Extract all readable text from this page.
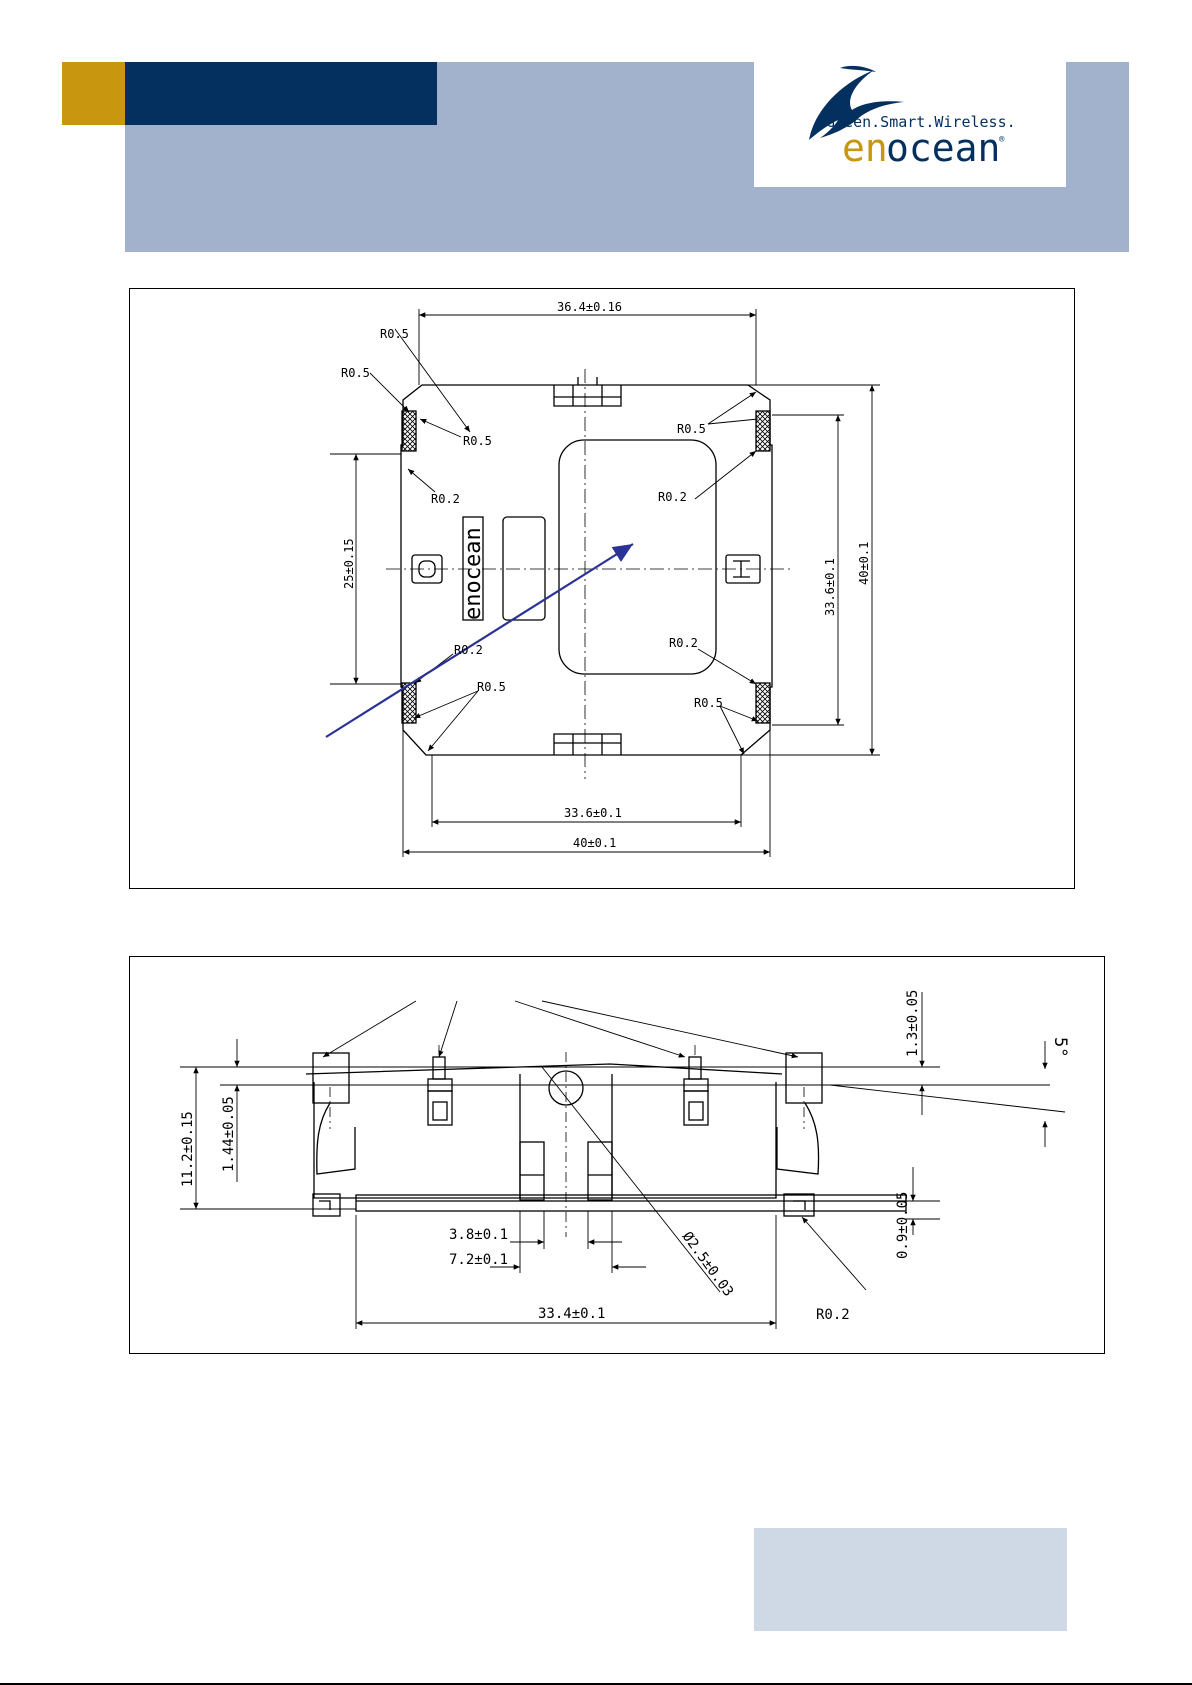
Green.Smart.Wireless.
en
ocean
®
enocean
36.4±0.16
25±0.15	33.6±0.1 40±0.1
33.6±0.1
40±0.1
R0.5
R0.5
R0.5
R0.2
R0.5
R0.2
R0.2
R0.5
R0.2
R0.5
11.2±0.15 1.44±0.05
1.3±0.05	5°
0.9±0.05
3.8±0.1
7.2±0.1
33.4±0.1
Ø2.5±0.03
R0.2
